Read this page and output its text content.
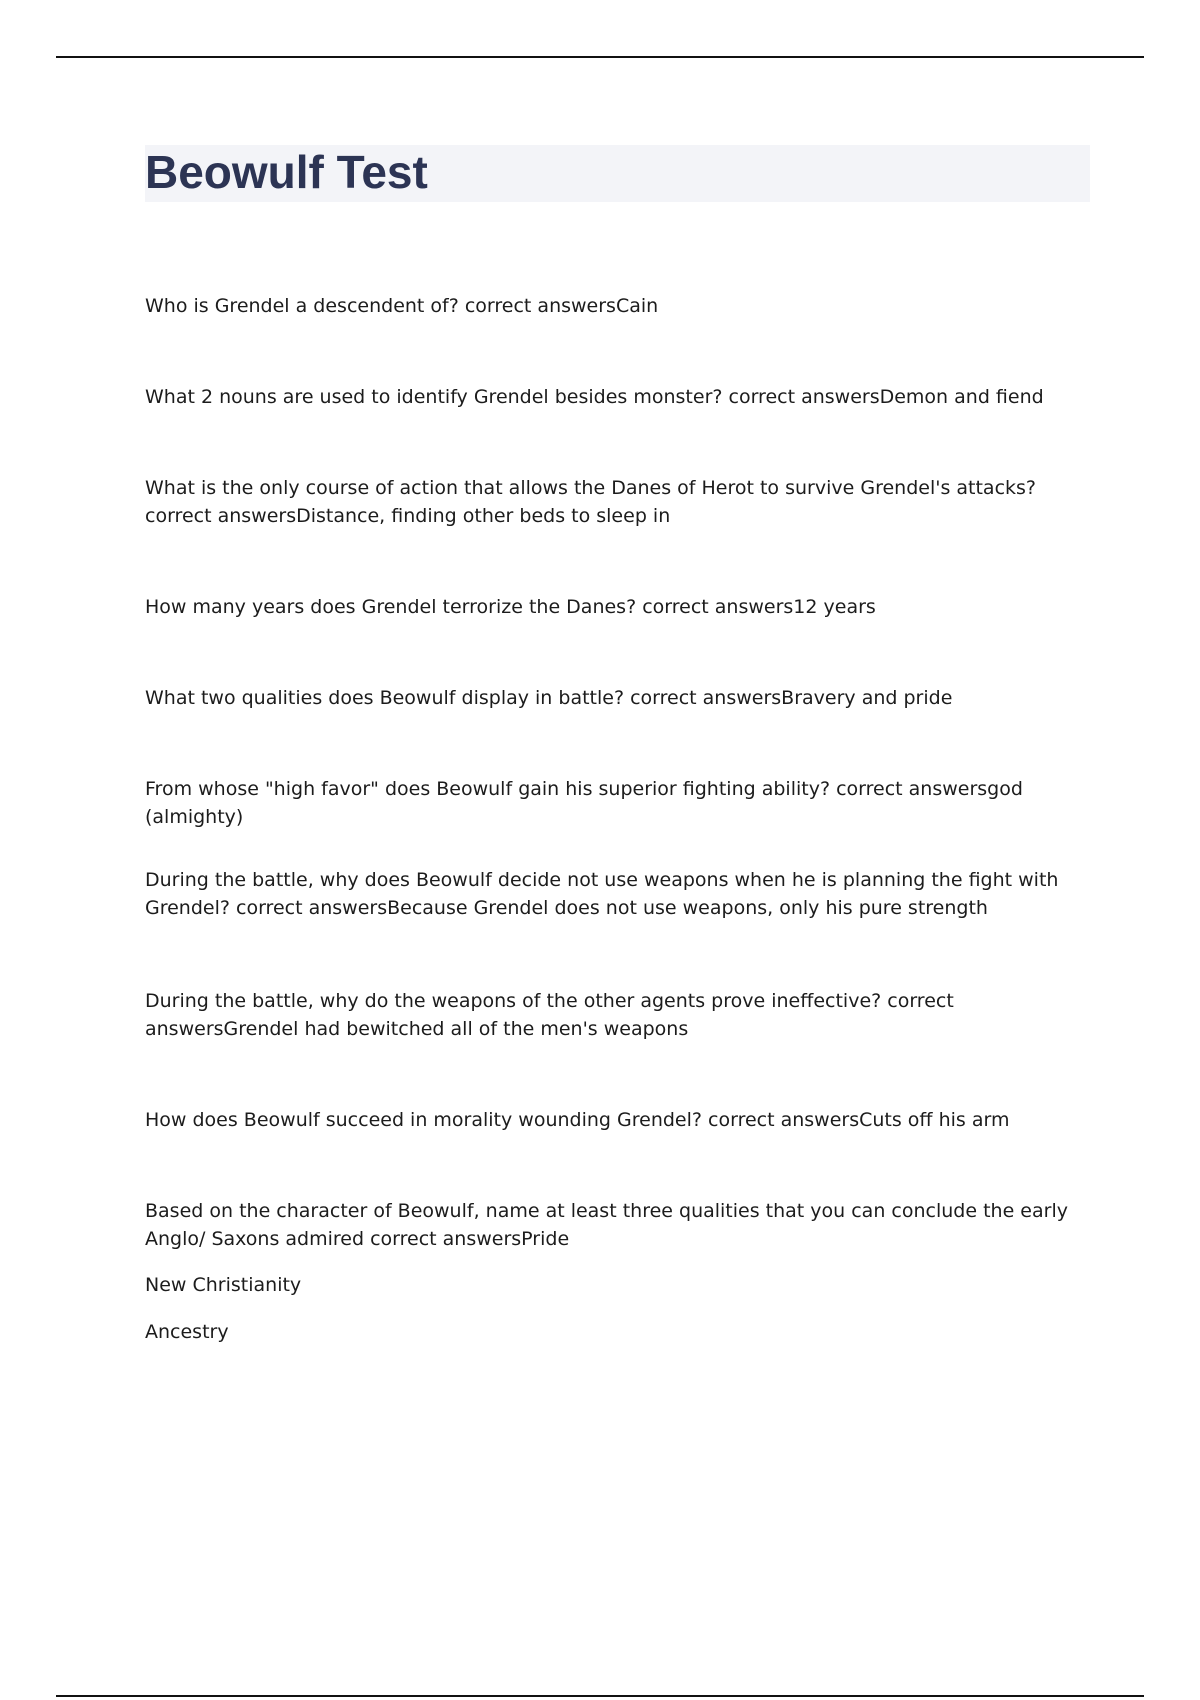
Beowulf Test

Who is Grendel a descendent of? correct answersCain

What 2 nouns are used to identify Grendel besides monster? correct answersDemon and fiend

What is the only course of action that allows the Danes of Herot to survive Grendel's attacks? correct answersDistance, finding other beds to sleep in

How many years does Grendel terrorize the Danes? correct answers12 years

What two qualities does Beowulf display in battle? correct answersBravery and pride

From whose "high favor" does Beowulf gain his superior fighting ability? correct answersgod (almighty)

During the battle, why does Beowulf decide not use weapons when he is planning the fight with Grendel? correct answersBecause Grendel does not use weapons, only his pure strength

During the battle, why do the weapons of the other agents prove ineffective? correct answersGrendel had bewitched all of the men's weapons

How does Beowulf succeed in morality wounding Grendel? correct answersCuts off his arm

Based on the character of Beowulf, name at least three qualities that you can conclude the early Anglo/ Saxons admired correct answersPride

New Christianity

Ancestry
